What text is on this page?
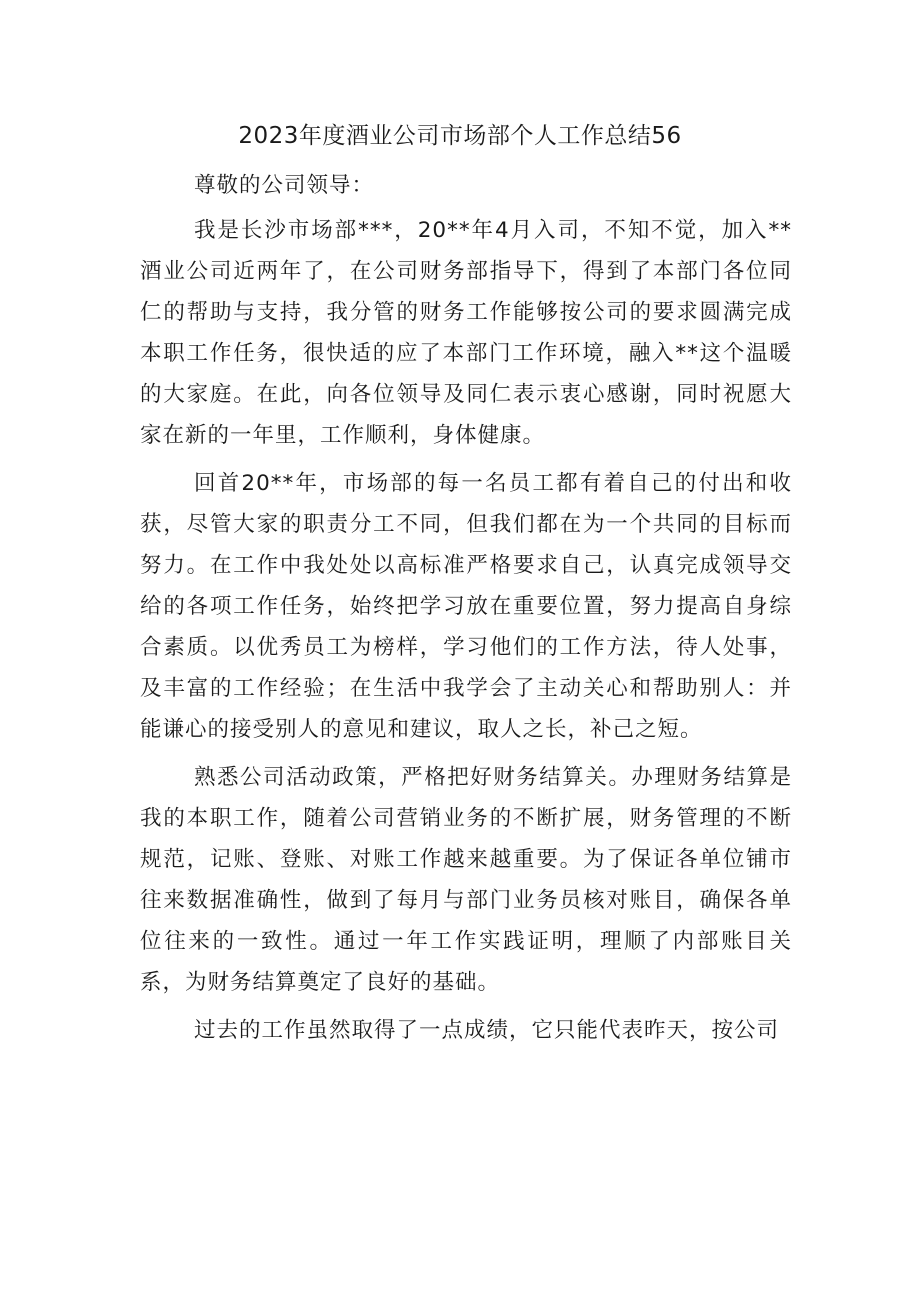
2023年度酒业公司市场部个人工作总结56

尊敬的公司领导：

我是长沙市场部***，20**年4月入司，不知不觉，加入**酒业公司近两年了，在公司财务部指导下，得到了本部门各位同仁的帮助与支持，我分管的财务工作能够按公司的要求圆满完成本职工作任务，很快适的应了本部门工作环境，融入**这个温暖的大家庭。在此，向各位领导及同仁表示衷心感谢，同时祝愿大家在新的一年里，工作顺利，身体健康。

回首20**年，市场部的每一名员工都有着自己的付出和收获，尽管大家的职责分工不同，但我们都在为一个共同的目标而努力。在工作中我处处以高标准严格要求自己，认真完成领导交给的各项工作任务，始终把学习放在重要位置，努力提高自身综合素质。以优秀员工为榜样，学习他们的工作方法，待人处事，及丰富的工作经验；在生活中我学会了主动关心和帮助别人：并能谦心的接受别人的意见和建议，取人之长，补己之短。

熟悉公司活动政策，严格把好财务结算关。办理财务结算是我的本职工作，随着公司营销业务的不断扩展，财务管理的不断规范，记账、登账、对账工作越来越重要。为了保证各单位铺市往来数据准确性，做到了每月与部门业务员核对账目，确保各单位往来的一致性。通过一年工作实践证明，理顺了内部账目关系，为财务结算奠定了良好的基础。

过去的工作虽然取得了一点成绩，它只能代表昨天，按公司
